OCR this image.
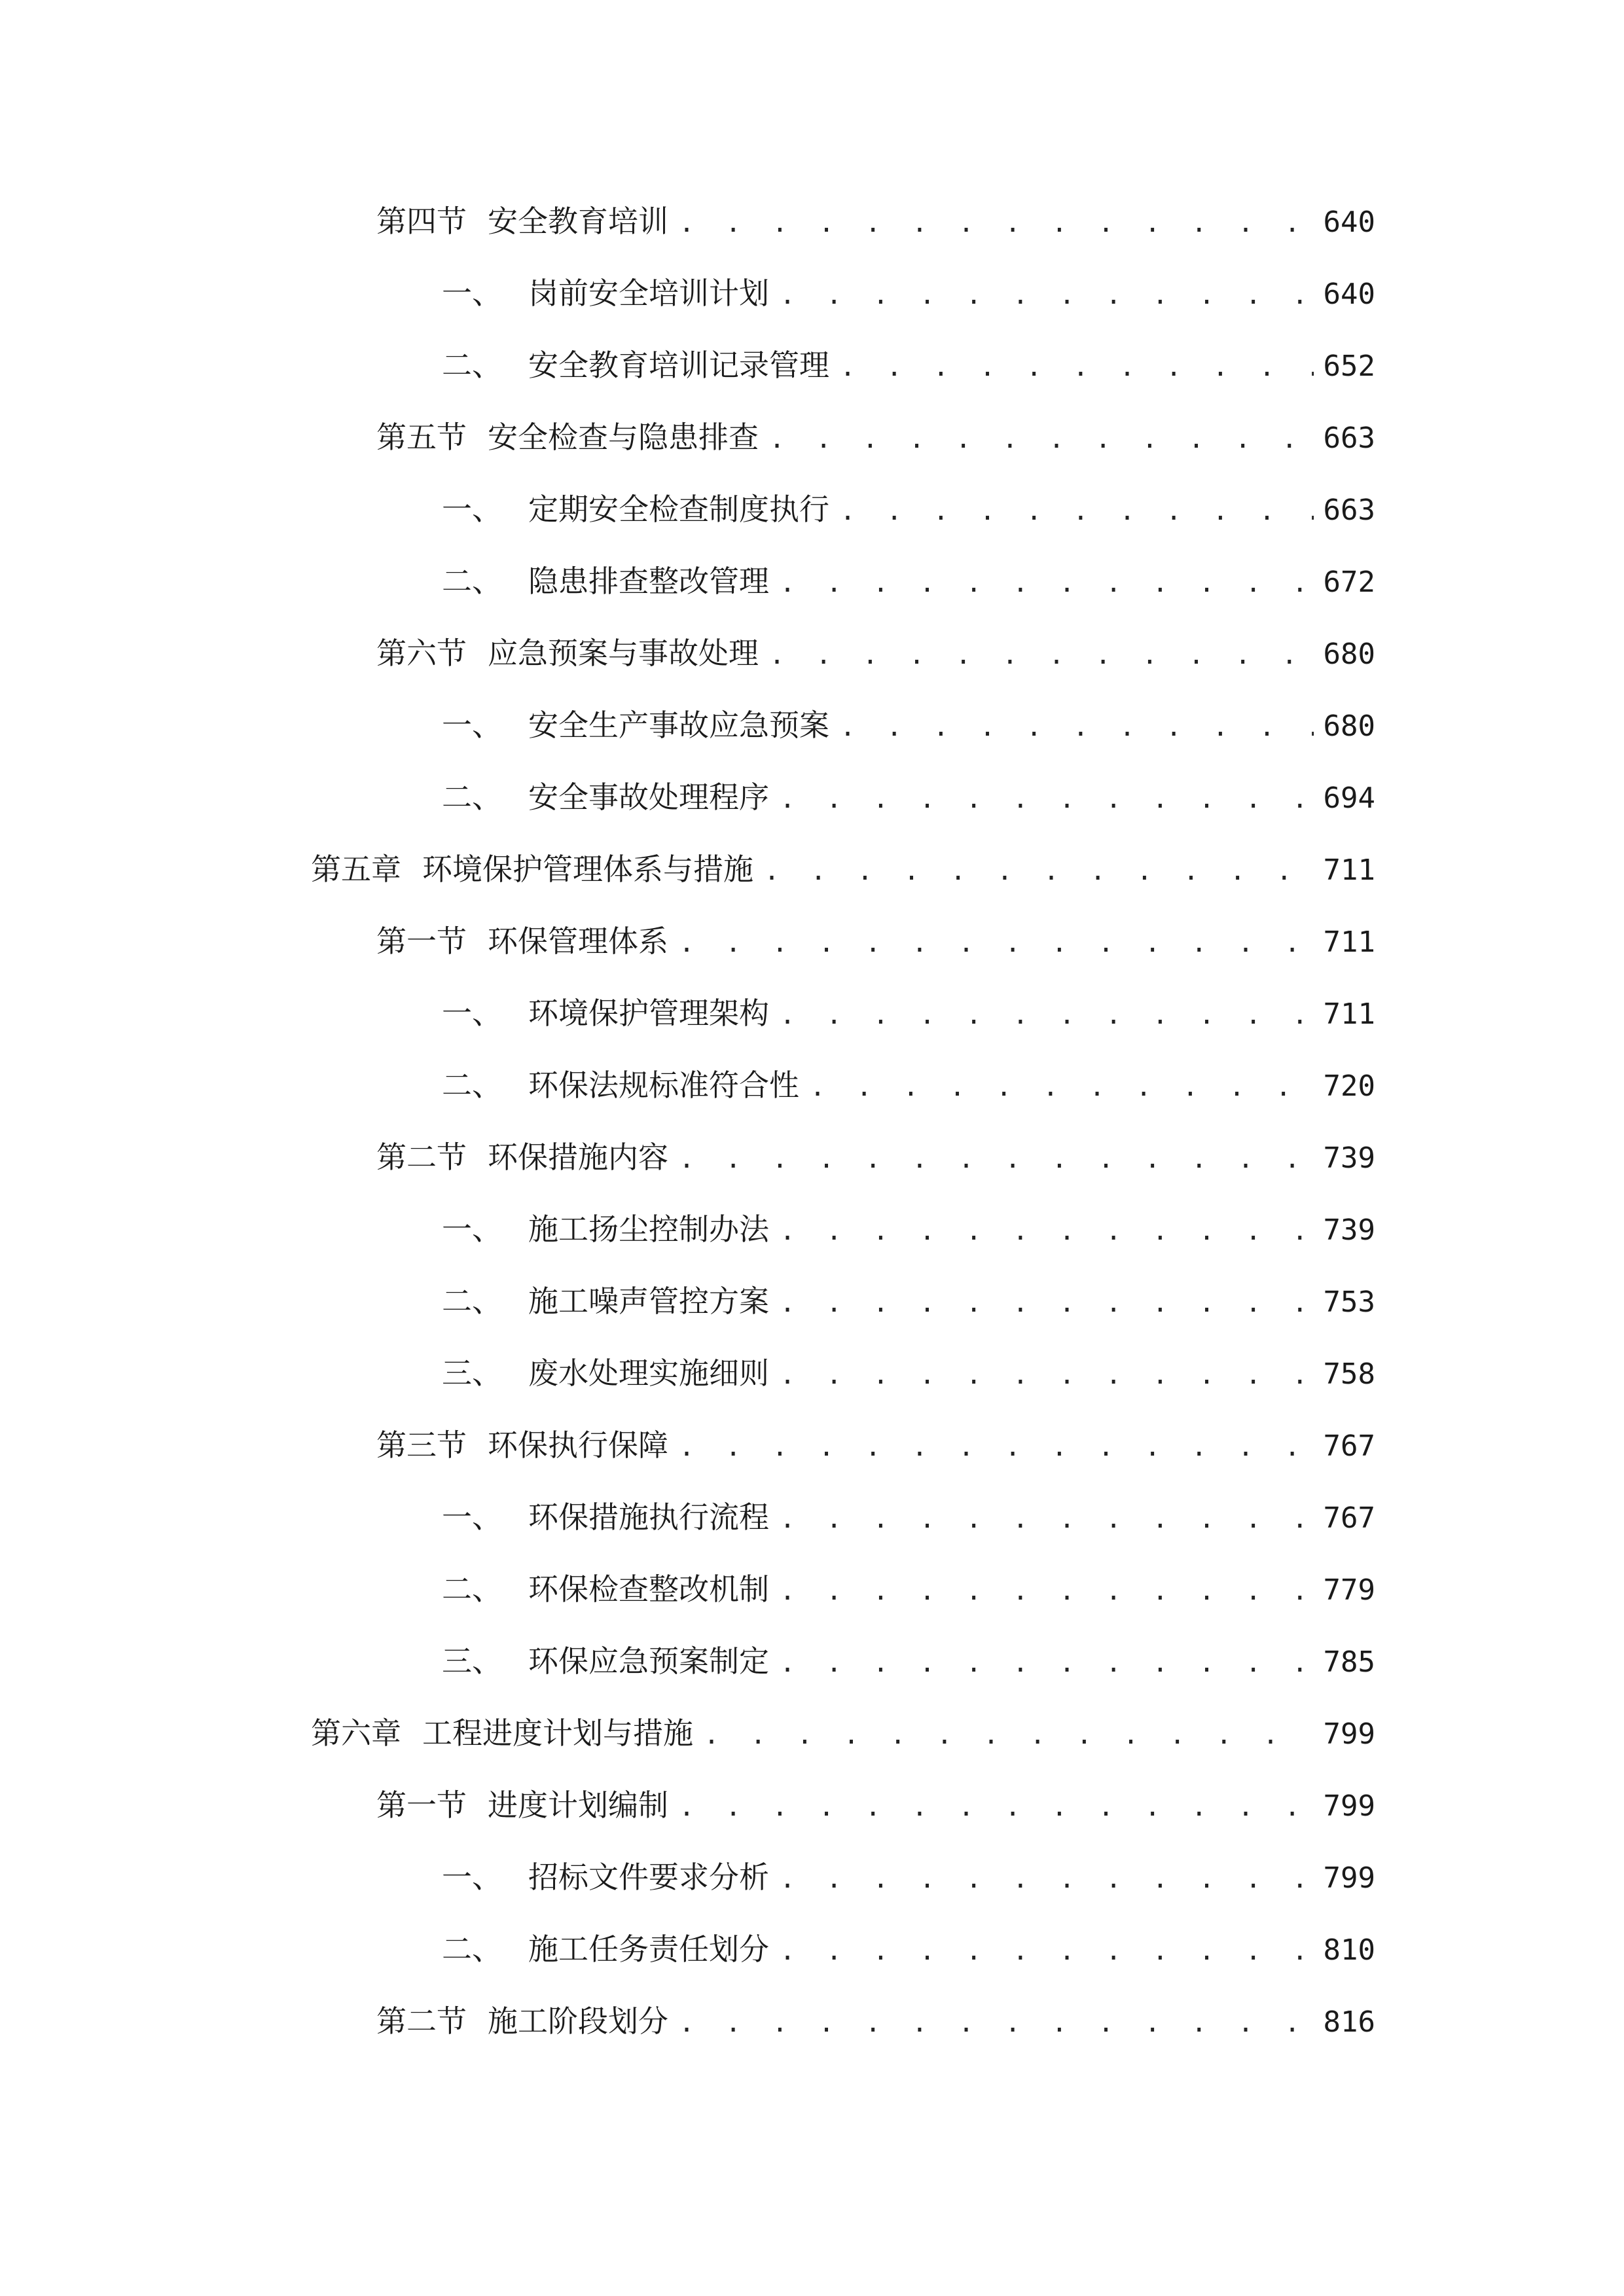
第四节 安全教育培训 . . .	640
一、 岗前安全培训计划 . . .	640
二、 安全教育培训记录管理 . . .	652
第五节 安全检查与隐患排查 . . .	663
一、 定期安全检查制度执行 . . .	663
二、 隐患排查整改管理 . . .	672
第六节 应急预案与事故处理 . . .	680
一、 安全生产事故应急预案 . . .	680
二、 安全事故处理程序 . . .	694
第五章 环境保护管理体系与措施 . . .	711
第一节 环保管理体系 . . .	711
一、 环境保护管理架构 . . .	711
二、 环保法规标准符合性 . . .	720
第二节 环保措施内容 . . .	739
一、 施工扬尘控制办法 . . .	739
二、 施工噪声管控方案 . . .	753
三、 废水处理实施细则 . . .	758
第三节 环保执行保障 . . .	767
一、 环保措施执行流程 . . .	767
二、 环保检查整改机制 . . .	779
三、 环保应急预案制定 . . .	785
第六章 工程进度计划与措施 . . .	799
第一节 进度计划编制 . . .	799
一、 招标文件要求分析 . . .	799
二、 施工任务责任划分 . . .	810
第二节 施工阶段划分 . . .	816
